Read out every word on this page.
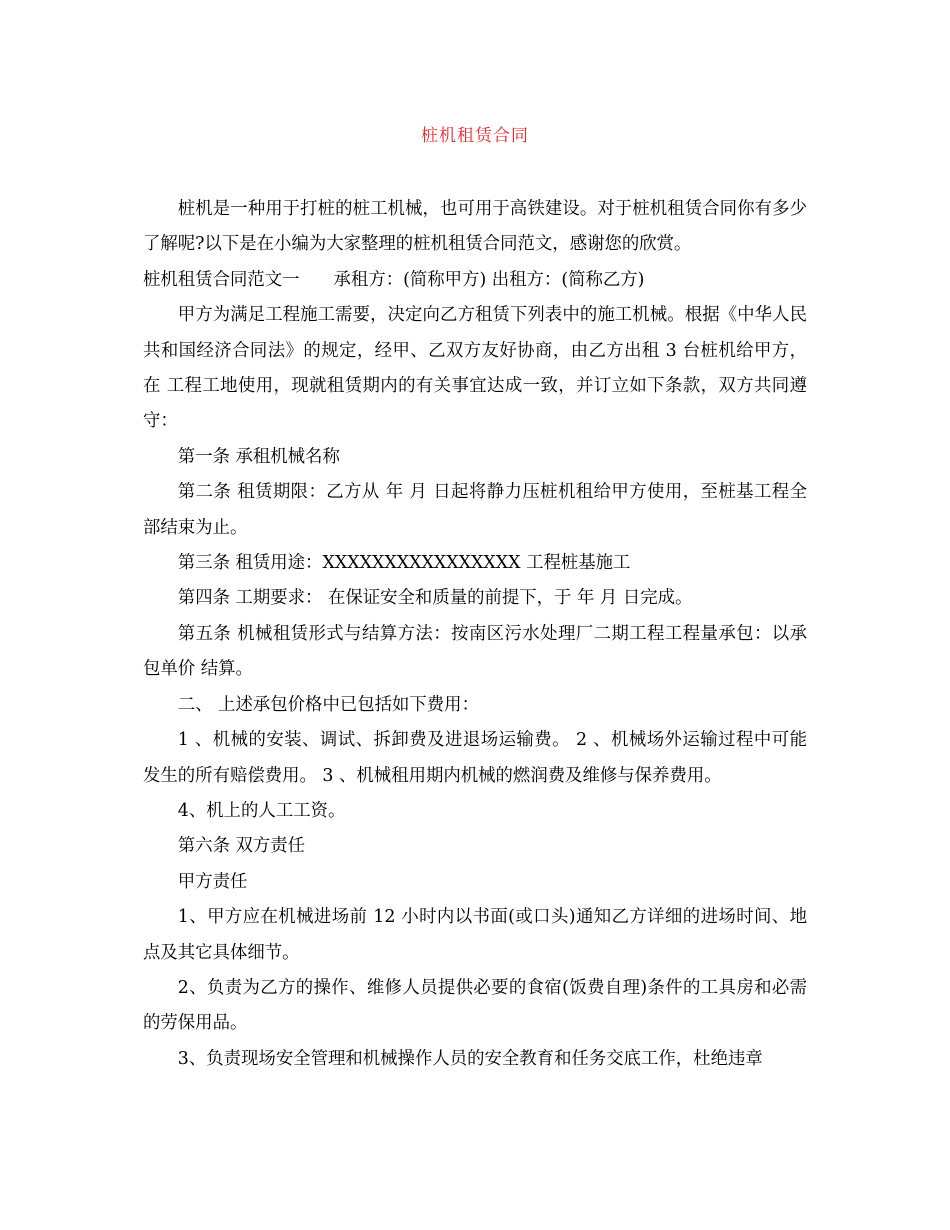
桩机租赁合同

桩机是一种用于打桩的桩工机械，也可用于高铁建设。对于桩机租赁合同你有多少了解呢?以下是在小编为大家整理的桩机租赁合同范文，感谢您的欣赏。

桩机租赁合同范文一 承租方：(简称甲方) 出租方：(简称乙方)

甲方为满足工程施工需要，决定向乙方租赁下列表中的施工机械。根据《中华人民共和国经济合同法》的规定，经甲、乙双方友好协商，由乙方出租 3 台桩机给甲方，在 工程工地使用，现就租赁期内的有关事宜达成一致，并订立如下条款，双方共同遵守：

第一条 承租机械名称

第二条 租赁期限：乙方从 年 月 日起将静力压桩机租给甲方使用，至桩基工程全部结束为止。

第三条 租赁用途：XXXXXXXXXXXXXXXX 工程桩基施工

第四条 工期要求： 在保证安全和质量的前提下，于 年 月 日完成。

第五条 机械租赁形式与结算方法：按南区污水处理厂二期工程工程量承包：以承包单价 结算。

二、 上述承包价格中已包括如下费用：

1 、机械的安装、调试、拆卸费及进退场运输费。 2 、机械场外运输过程中可能发生的所有赔偿费用。 3 、机械租用期内机械的燃润费及维修与保养费用。

4、机上的人工工资。

第六条 双方责任

甲方责任

1、甲方应在机械进场前 12 小时内以书面(或口头)通知乙方详细的进场时间、地点及其它具体细节。

2、负责为乙方的操作、维修人员提供必要的食宿(饭费自理)条件的工具房和必需的劳保用品。

3、负责现场安全管理和机械操作人员的安全教育和任务交底工作，杜绝违章
